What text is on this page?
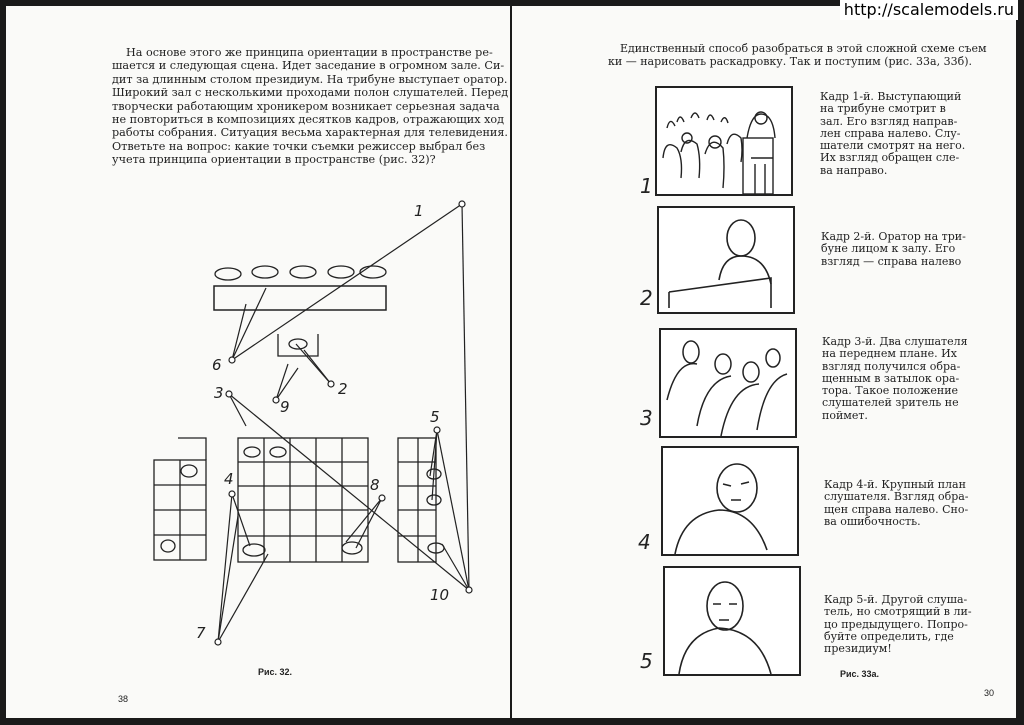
http://scalemodels.ru
На основе этого же принципа ориентации в пространстве ре-
шается и следующая сцена. Идет заседание в огромном зале. Си-
дит за длинным столом президиум. На трибуне выступает оратор.
Широкий зал с несколькими проходами полон слушателей. Перед
творчески работающим хроникером возникает серьезная задача
не повториться в композициях десятков кадров, отражающих ход
работы собрания. Ситуация весьма характерная для телевидения.
Ответьте на вопрос: какие точки съемки режиссер выбрал без
учета принципа ориентации в пространстве (рис. 32)?
1
2
3
4
5
6
7
8
9
10
Рис. 32.
38
Единственный способ разобраться в этой сложной схеме съем
ки — нарисовать раскадровку. Так и поступим (рис. 33а, 33б).
1
Кадр 1-й. Выступающий
на трибуне смотрит в
зал. Его взгляд направ-
лен справа налево. Слу-
шатели смотрят на него.
Их взгляд обращен сле-
ва направо.
2
Кадр 2-й. Оратор на три-
буне лицом к залу. Его
взгляд — справа налево
3
Кадр 3-й. Два слушателя
на переднем плане. Их
взгляд получился обра-
щенным в затылок ора-
тора. Такое положение
слушателей зритель не
поймет.
4
Кадр 4-й. Крупный план
слушателя. Взгляд обра-
щен справа налево. Сно-
ва ошибочность.
5
Кадр 5-й. Другой слуша-
тель, но смотрящий в ли-
цо предыдущего. Попро-
буйте определить, где
президиум!
Рис. 33а.
30
